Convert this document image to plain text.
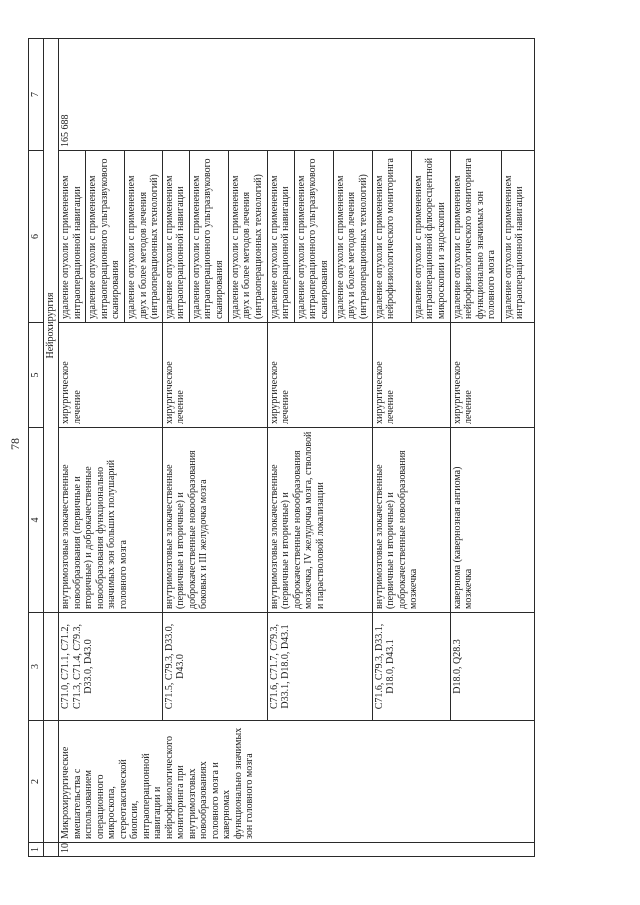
78
1	2	3	4	5	6	7
			Нейрохирургия			
10	Микрохирургические вмешательства с использованием операционного микроскопа, стереотаксической биопсии, интраоперационной навигации и нейрофизиологического мониторинга при внутримозговых новообразованиях головного мозга и каверномах функционально значимых зон головного мозга	C71.0, C71.1, C71.2, C71.3, C71.4, C79.3, D33.0, D43.0	внутримозговые злокачественные новообразования (первичные и вторичные) и доброкачественные новообразования функционально значимых зон больших полушарий головного мозга	хирургическое лечение	удаление опухоли с применением интраоперационной навигации	165 688
					удаление опухоли с применением интраоперационного ультразвукового сканирования	
					удаление опухоли с применением двух и более методов лечения (интраоперационных технологий)	
		C71.5, C79.3, D33.0, D43.0	внутримозговые злокачественные (первичные и вторичные) и доброкачественные новообразования боковых и III желудочка мозга	хирургическое лечение	удаление опухоли с применением интраоперационной навигации	
					удаление опухоли с применением интраоперационного ультразвукового сканирования	
					удаление опухоли с применением двух и более методов лечения (интраоперационных технологий)	
		C71.6, C71.7, C79.3, D33.1, D18.0, D43.1	внутримозговые злокачественные (первичные и вторичные) и доброкачественные новообразования мозжечка, IV желудочка мозга, стволовой и парастволовой локализации	хирургическое лечение	удаление опухоли с применением интраоперационной навигации	
					удаление опухоли с применением интраоперационного ультразвукового сканирования	
					удаление опухоли с применением двух и более методов лечения (интраоперационных технологий)	
		C71.6, C79.3, D33.1, D18.0, D43.1	внутримозговые злокачественные (первичные и вторичные) и доброкачественные новообразования мозжечка	хирургическое лечение	удаление опухоли с применением нейрофизиологического мониторинга	
					удаление опухоли с применением интраоперационной флюоресцентной микроскопии и эндоскопии	
		D18.0, Q28.3	кавернома (кавернозная ангиома) мозжечка	хирургическое лечение	удаление опухоли с применением нейрофизиологического мониторинга функционально значимых зон головного мозга	
					удаление опухоли с применением интраоперационной навигации	
